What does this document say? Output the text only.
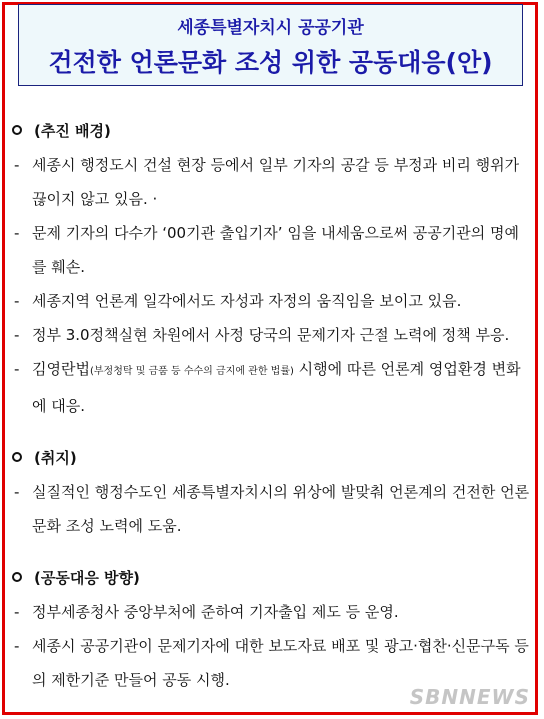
세종특별자치시 공공기관
건전한 언론문화 조성 위한 공동대응(안)
(추진 배경)
- 세종시 행정도시 건설 현장 등에서 일부 기자의 공갈 등 부정과 비리 행위가 끊이지 않고 있음. ·
- 문제 기자의 다수가 ‘00기관 출입기자’ 임을 내세움으로써 공공기관의 명예를 훼손.
- 세종지역 언론계 일각에서도 자성과 자정의 움직임을 보이고 있음.
- 정부 3.0정책실현 차원에서 사정 당국의 문제기자 근절 노력에 정책 부응.
- 김영란법(부정청탁 및 금품 등 수수의 금지에 관한 법률) 시행에 따른 언론계 영업환경 변화에 대응.
(취지)
- 실질적인 행정수도인 세종특별자치시의 위상에 발맞춰 언론계의 건전한 언론문화 조성 노력에 도움.
(공동대응 방향)
- 정부세종청사 중앙부처에 준하여 기자출입 제도 등 운영.
- 세종시 공공기관이 문제기자에 대한 보도자료 배포 및 광고·협찬·신문구독 등의 제한기준 만들어 공동 시행.
SBNNEWS
